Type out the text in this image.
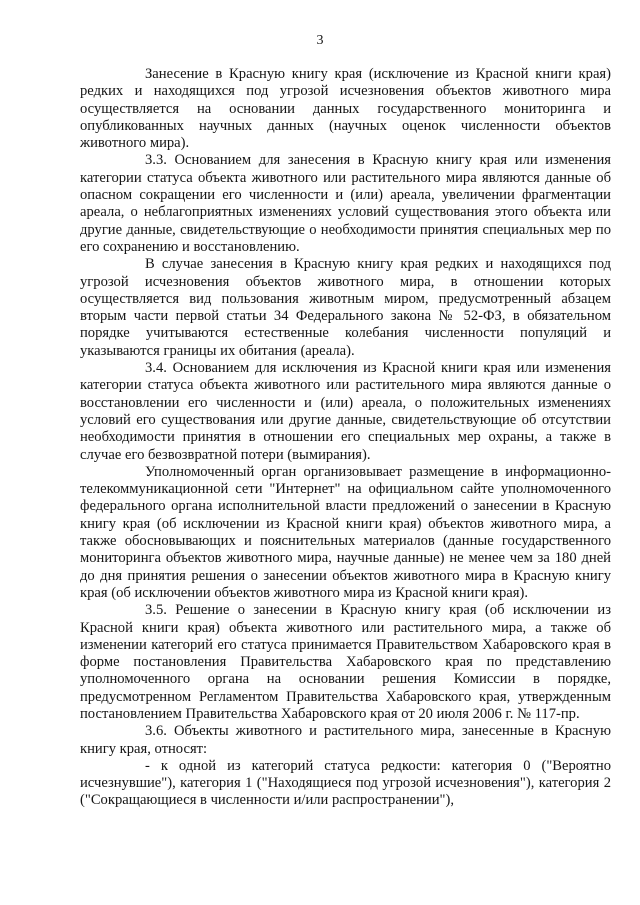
3

Занесение в Красную книгу края (исключение из Красной книги края) редких и находящихся под угрозой исчезновения объектов животного мира осуществляется на основании данных государственного мониторинга и опубликованных научных данных (научных оценок численности объектов животного мира).

3.3. Основанием для занесения в Красную книгу края или изменения категории статуса объекта животного или растительного мира являются данные об опасном сокращении его численности и (или) ареала, увеличении фрагментации ареала, о неблагоприятных изменениях условий существования этого объекта или другие данные, свидетельствующие о необходимости принятия специальных мер по его сохранению и восстановлению.

В случае занесения в Красную книгу края редких и находящихся под угрозой исчезновения объектов животного мира, в отношении которых осуществляется вид пользования животным миром, предусмотренный абзацем вторым части первой статьи 34 Федерального закона № 52-ФЗ, в обязательном порядке учитываются естественные колебания численности популяций и указываются границы их обитания (ареала).

3.4. Основанием для исключения из Красной книги края или изменения категории статуса объекта животного или растительного мира являются данные о восстановлении его численности и (или) ареала, о положительных изменениях условий его существования или другие данные, свидетельствующие об отсутствии необходимости принятия в отношении его специальных мер охраны, а также в случае его безвозвратной потери (вымирания).

Уполномоченный орган организовывает размещение в информационно-телекоммуникационной сети "Интернет" на официальном сайте уполномоченного федерального органа исполнительной власти предложений о занесении в Красную книгу края (об исключении из Красной книги края) объектов животного мира, а также обосновывающих и пояснительных материалов (данные государственного мониторинга объектов животного мира, научные данные) не менее чем за 180 дней до дня принятия решения о занесении объектов животного мира в Красную книгу края (об исключении объектов животного мира из Красной книги края).

3.5. Решение о занесении в Красную книгу края (об исключении из Красной книги края) объекта животного или растительного мира, а также об изменении категорий его статуса принимается Правительством Хабаровского края в форме постановления Правительства Хабаровского края по представлению уполномоченного органа на основании решения Комиссии в порядке, предусмотренном Регламентом Правительства Хабаровского края, утвержденным постановлением Правительства Хабаровского края от 20 июля 2006 г. № 117-пр.

3.6. Объекты животного и растительного мира, занесенные в Красную книгу края, относят:

- к одной из категорий статуса редкости: категория 0 ("Вероятно исчезнувшие"), категория 1 ("Находящиеся под угрозой исчезновения"), категория 2 ("Сокращающиеся в численности и/или распространении"),
